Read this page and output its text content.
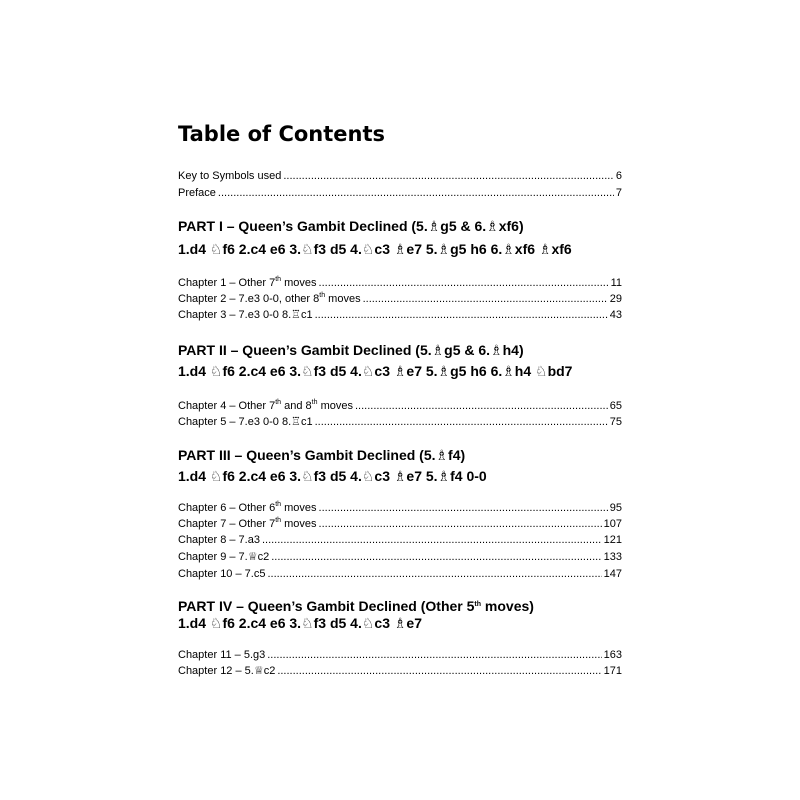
Table of Contents
Key to Symbols used .....	6
Preface .....	7
PART I – Queen’s Gambit Declined (5.♗g5 & 6.♗xf6)
1.d4 ♘f6 2.c4 e6 3.♘f3 d5 4.♘c3 ♗e7 5.♗g5 h6 6.♗xf6 ♗xf6
Chapter 1 – Other 7th moves .....	11
Chapter 2 – 7.e3 0-0, other 8th moves .....	29
Chapter 3 – 7.e3 0-0 8.♖c1 .....	43
PART II – Queen’s Gambit Declined (5.♗g5 & 6.♗h4)
1.d4 ♘f6 2.c4 e6 3.♘f3 d5 4.♘c3 ♗e7 5.♗g5 h6 6.♗h4 ♘bd7
Chapter 4 – Other 7th and 8th moves .....	65
Chapter 5 – 7.e3 0-0 8.♖c1 .....	75
PART III – Queen’s Gambit Declined (5.♗f4)
1.d4 ♘f6 2.c4 e6 3.♘f3 d5 4.♘c3 ♗e7 5.♗f4 0-0
Chapter 6 – Other 6th moves .....	95
Chapter 7 – Other 7th moves .....	107
Chapter 8 – 7.a3 .....	121
Chapter 9 – 7.♕c2 .....	133
Chapter 10 – 7.c5 .....	147
PART IV – Queen’s Gambit Declined (Other 5th moves)
1.d4 ♘f6 2.c4 e6 3.♘f3 d5 4.♘c3 ♗e7
Chapter 11 – 5.g3 .....	163
Chapter 12 – 5.♕c2 .....	171
